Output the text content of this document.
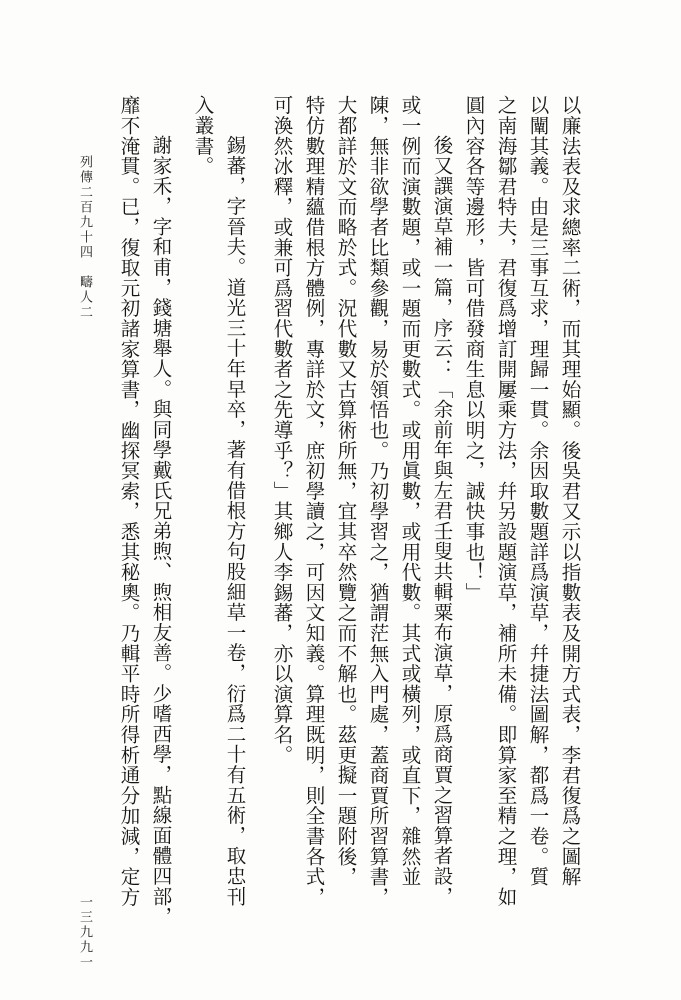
列傳二百九十四　疇人二
一三九九一
以廉法表及求總率二術，而其理始顯。後吳君又示以指數表及開方式表，李君復爲之圖解
以闡其義。由是三事互求，理歸一貫。余因取數題詳爲演草，幷捷法圖解，都爲一卷。質
之南海鄒君特夫，君復爲增訂開屢乘方法，幷另設題演草，補所未備。即算家至精之理，如
圓內容各等邊形，皆可借發商生息以明之，誠快事也！」
後又譔演草補一篇，序云：「余前年與左君壬叟共輯粟布演草，原爲商賈之習算者設，
或一例而演數題，或一題而更數式。或用眞數，或用代數。其式或橫列，或直下，雜然並
陳，無非欲學者比類參觀，易於領悟也。乃初學習之，猶謂茫無入門處，蓋商賈所習算書，
大都詳於文而略於式。況代數又古算術所無，宜其卒然覽之而不解也。茲更擬一題附後，
特仿數理精蘊借根方體例，專詳於文，庶初學讀之，可因文知義。算理既明，則全書各式，
可渙然冰釋，或兼可爲習代數者之先導乎？」其鄉人李錫蕃，亦以演算名。
錫蕃，字晉夫。道光三十年早卒，著有借根方句股細草一卷，衍爲二十有五術，取忠刊
入叢書。
謝家禾，字和甫，錢塘舉人。與同學戴氏兄弟煦、煦相友善。少嗜西學，點線面體四部，
靡不淹貫。已，復取元初諸家算書，幽探冥索，悉其秘奧。乃輯平時所得析通分加減，定方
